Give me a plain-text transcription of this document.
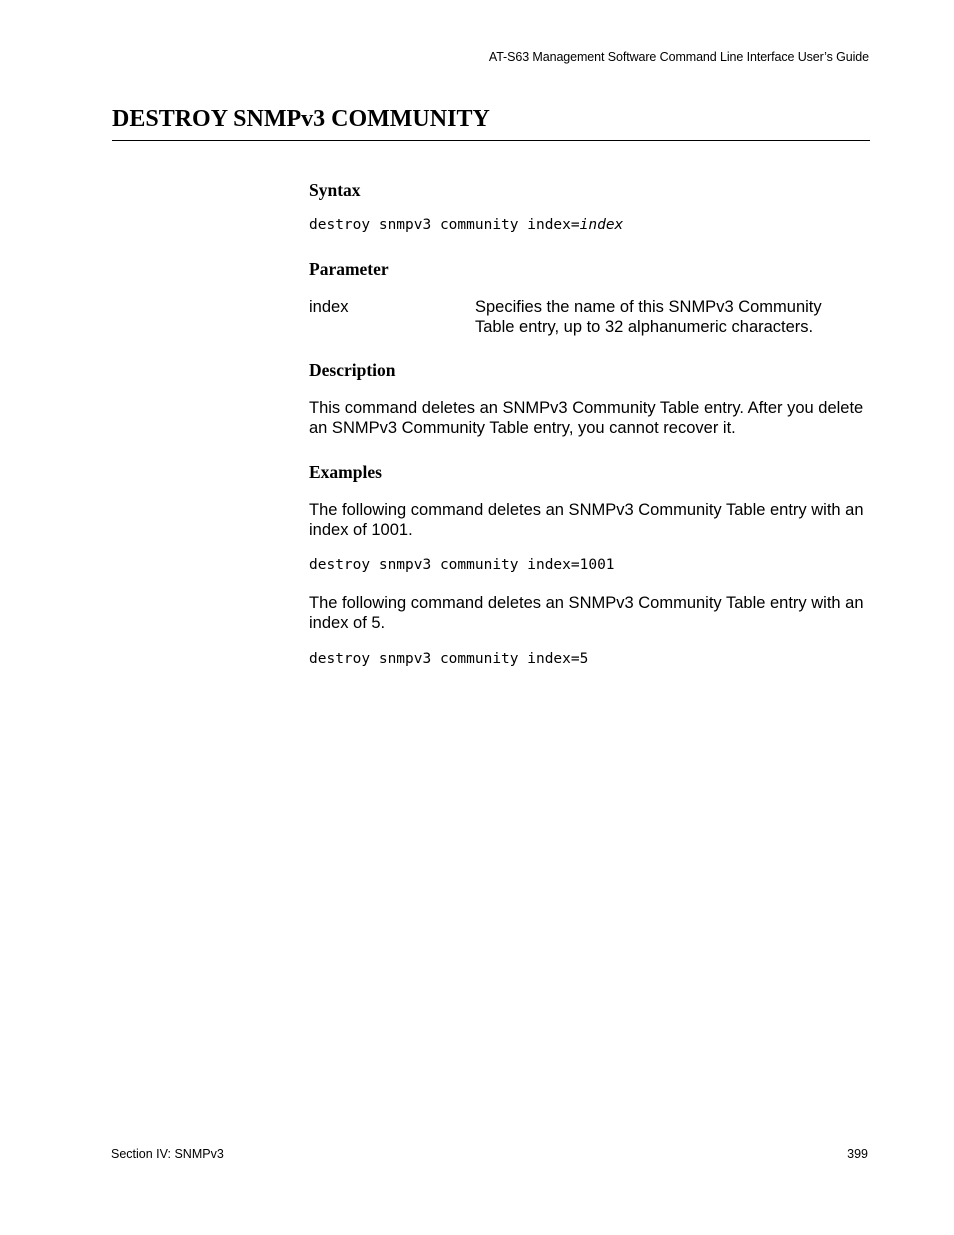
AT-S63 Management Software Command Line Interface User’s Guide
DESTROY SNMPv3 COMMUNITY
Syntax
destroy snmpv3 community index=index
Parameter
index	Specifies the name of this SNMPv3 Community Table entry, up to 32 alphanumeric characters.
Description

This command deletes an SNMPv3 Community Table entry. After you delete an SNMPv3 Community Table entry, you cannot recover it.

Examples

The following command deletes an SNMPv3 Community Table entry with an index of 1001.

destroy snmpv3 community index=1001

The following command deletes an SNMPv3 Community Table entry with an index of 5.

destroy snmpv3 community index=5
Section IV: SNMPv3	399
